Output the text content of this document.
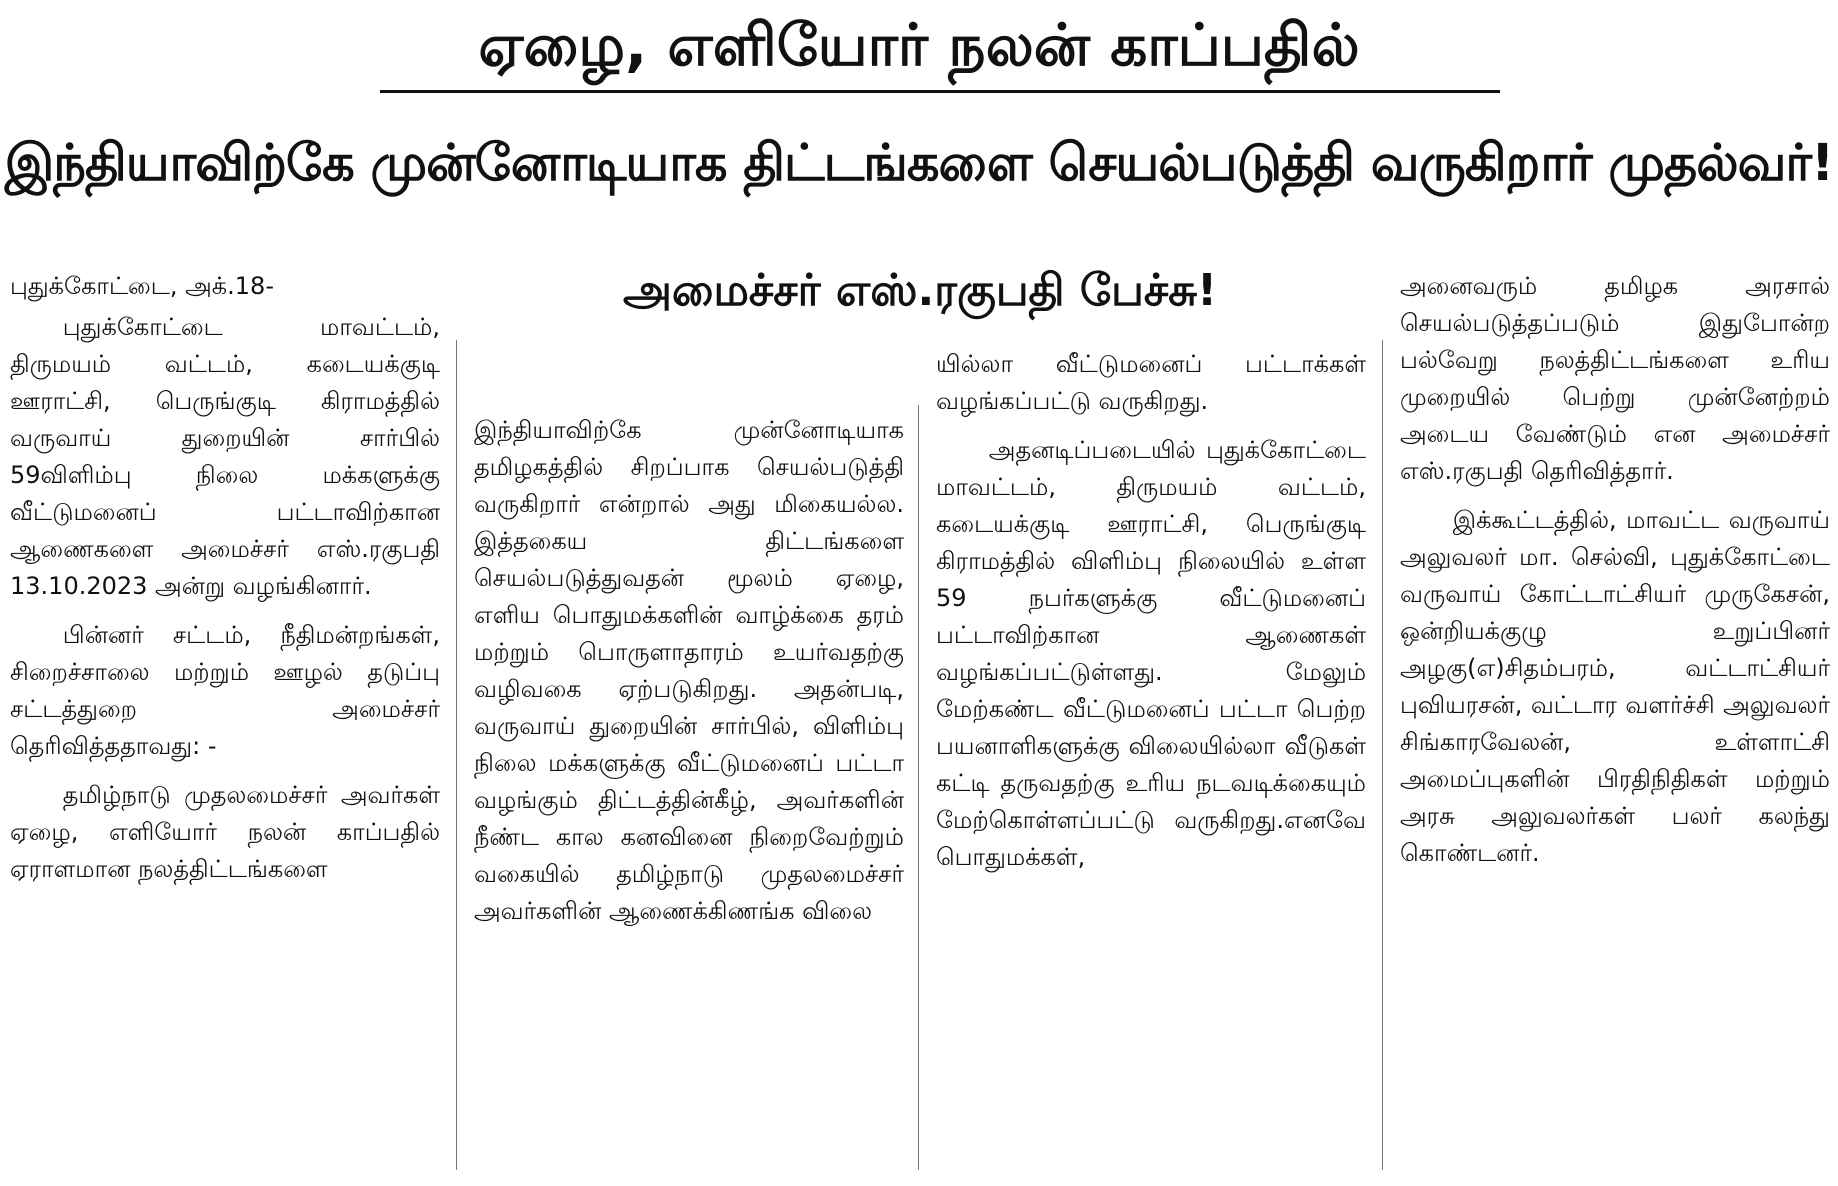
ஏழை, எளியோர் நலன் காப்பதில்
இந்தியாவிற்கே முன்னோடியாக திட்டங்களை செயல்படுத்தி வருகிறார் முதல்வர்!
அமைச்சர் எஸ்.ரகுபதி பேச்சு!
புதுக்கோட்டை, அக்.18-

புதுக்கோட்டை மாவட்டம், திருமயம் வட்டம், கடையக்குடி ஊராட்சி, பெருங்குடி கிராமத்தில் வருவாய் துறையின் சார்பில் 59விளிம்பு நிலை மக்களுக்கு வீட்டுமனைப் பட்டாவிற்கான ஆணைகளை அமைச்சர் எஸ்.ரகுபதி 13.10.2023 அன்று வழங்கினார்.

பின்னர் சட்டம், நீதிமன்றங்கள், சிறைச்சாலை மற்றும் ஊழல் தடுப்பு சட்டத்துறை அமைச்சர் தெரிவித்ததாவது: -

தமிழ்நாடு முதலமைச்சர் அவர்கள் ஏழை, எளியோர் நலன் காப்பதில் ஏராளமான நலத்திட்டங்களை

இந்தியாவிற்கே முன்னோடியாக தமிழகத்தில் சிறப்பாக செயல்படுத்தி வருகிறார் என்றால் அது மிகையல்ல. இத்தகைய திட்டங்களை செயல்படுத்துவதன் மூலம் ஏழை, எளிய பொதுமக்களின் வாழ்க்கை தரம் மற்றும் பொருளாதாரம் உயர்வதற்கு வழிவகை ஏற்படுகிறது. அதன்படி, வருவாய் துறையின் சார்பில், விளிம்பு நிலை மக்களுக்கு வீட்டுமனைப் பட்டா வழங்கும் திட்டத்தின்கீழ், அவர்களின் நீண்ட கால கனவினை நிறைவேற்றும் வகையில் தமிழ்நாடு முதலமைச்சர் அவர்களின் ஆணைக்கிணங்க விலை

யில்லா வீட்டுமனைப் பட்டாக்கள் வழங்கப்பட்டு வருகிறது.

அதனடிப்படையில் புதுக்கோட்டை மாவட்டம், திருமயம் வட்டம், கடையக்குடி ஊராட்சி, பெருங்குடி கிராமத்தில் விளிம்பு நிலையில் உள்ள 59 நபர்களுக்கு வீட்டுமனைப் பட்டாவிற்கான ஆணைகள் வழங்கப்பட்டுள்ளது. மேலும் மேற்கண்ட வீட்டுமனைப் பட்டா பெற்ற பயனாளிகளுக்கு விலையில்லா வீடுகள் கட்டி தருவதற்கு உரிய நடவடிக்கையும் மேற்கொள்ளப்பட்டு வருகிறது.எனவே பொதுமக்கள்,

அனைவரும் தமிழக அரசால் செயல்படுத்தப்படும் இதுபோன்ற பல்வேறு நலத்திட்டங்களை உரிய முறையில் பெற்று முன்னேற்றம் அடைய வேண்டும் என அமைச்சர் எஸ்.ரகுபதி தெரிவித்தார்.

இக்கூட்டத்தில், மாவட்ட வருவாய் அலுவலர் மா. செல்வி, புதுக்கோட்டை வருவாய் கோட்டாட்சியர் முருகேசன், ஒன்றியக்குழு உறுப்பினர் அழகு(எ)சிதம்பரம், வட்டாட்சியர் புவியரசன், வட்டார வளர்ச்சி அலுவலர் சிங்காரவேலன், உள்ளாட்சி அமைப்புகளின் பிரதிநிதிகள் மற்றும் அரசு அலுவலர்கள் பலர் கலந்து கொண்டனர்.
